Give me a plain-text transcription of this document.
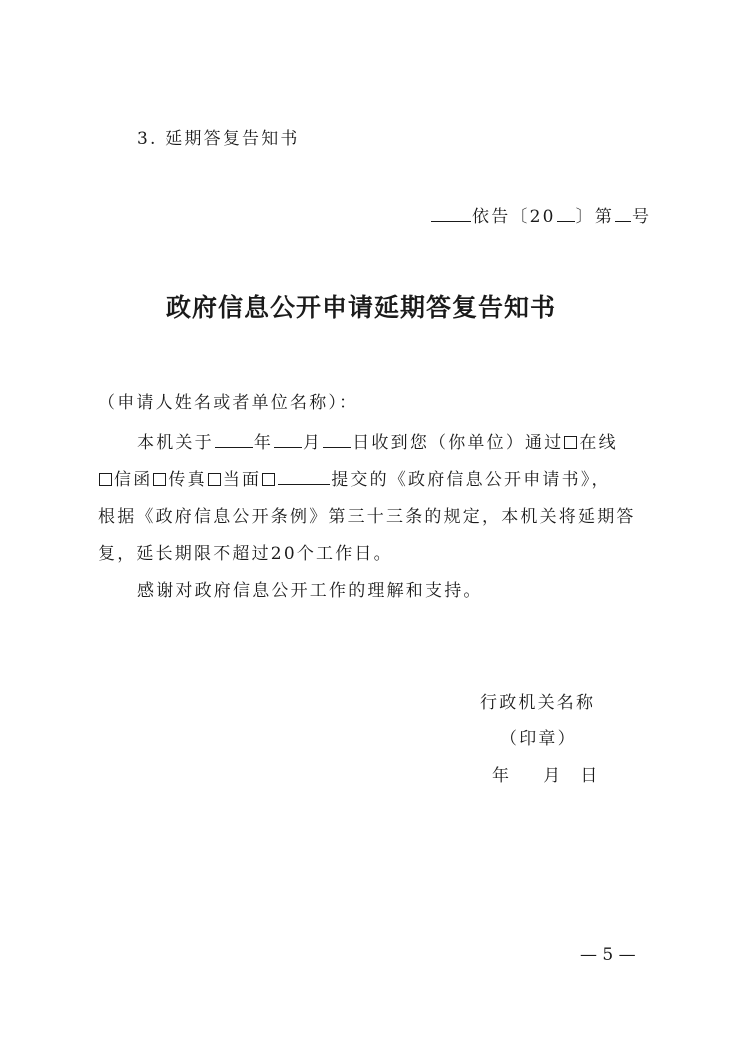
3. 延期答复告知书
依告〔20 〕第 号
政府信息公开申请延期答复告知书
（申请人姓名或者单位名称）：
本机关于 年 月 日收到您（你单位）通过 在线
信函 传真 当面	提交的《政府信息公开申请书》，
根据《政府信息公开条例》第三十三条的规定，本机关将延期答
复，延长期限不超过20个工作日。
感谢对政府信息公开工作的理解和支持。
行政机关名称
（印章）
年 月 日
— 5 —
